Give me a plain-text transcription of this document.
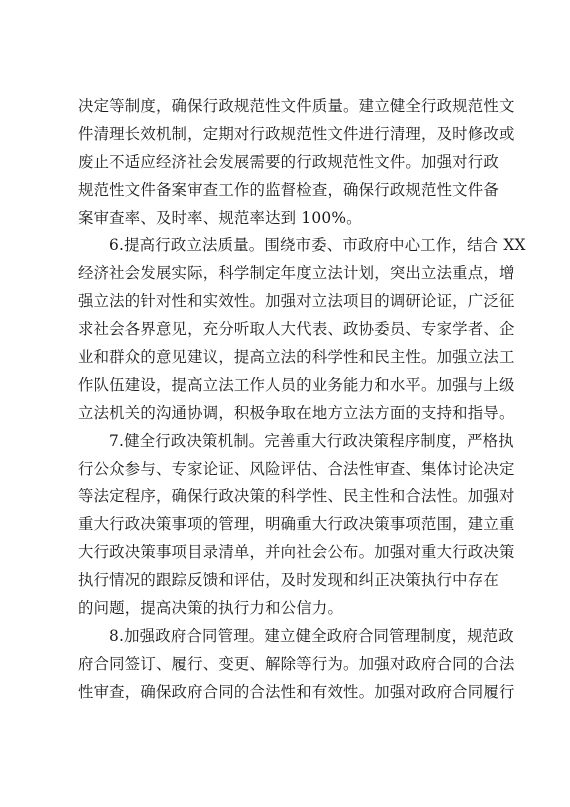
决定等制度，确保行政规范性文件质量。建立健全行政规范性文
件清理长效机制，定期对行政规范性文件进行清理，及时修改或
废止不适应经济社会发展需要的行政规范性文件。加强对行政
规范性文件备案审查工作的监督检查，确保行政规范性文件备
案审查率、及时率、规范率达到 100%。
6.提高行政立法质量。围绕市委、市政府中心工作，结合 XX
经济社会发展实际，科学制定年度立法计划，突出立法重点，增
强立法的针对性和实效性。加强对立法项目的调研论证，广泛征
求社会各界意见，充分听取人大代表、政协委员、专家学者、企
业和群众的意见建议，提高立法的科学性和民主性。加强立法工
作队伍建设，提高立法工作人员的业务能力和水平。加强与上级
立法机关的沟通协调，积极争取在地方立法方面的支持和指导。
7.健全行政决策机制。完善重大行政决策程序制度，严格执
行公众参与、专家论证、风险评估、合法性审查、集体讨论决定
等法定程序，确保行政决策的科学性、民主性和合法性。加强对
重大行政决策事项的管理，明确重大行政决策事项范围，建立重
大行政决策事项目录清单，并向社会公布。加强对重大行政决策
执行情况的跟踪反馈和评估，及时发现和纠正决策执行中存在
的问题，提高决策的执行力和公信力。
8.加强政府合同管理。建立健全政府合同管理制度，规范政
府合同签订、履行、变更、解除等行为。加强对政府合同的合法
性审查，确保政府合同的合法性和有效性。加强对政府合同履行
